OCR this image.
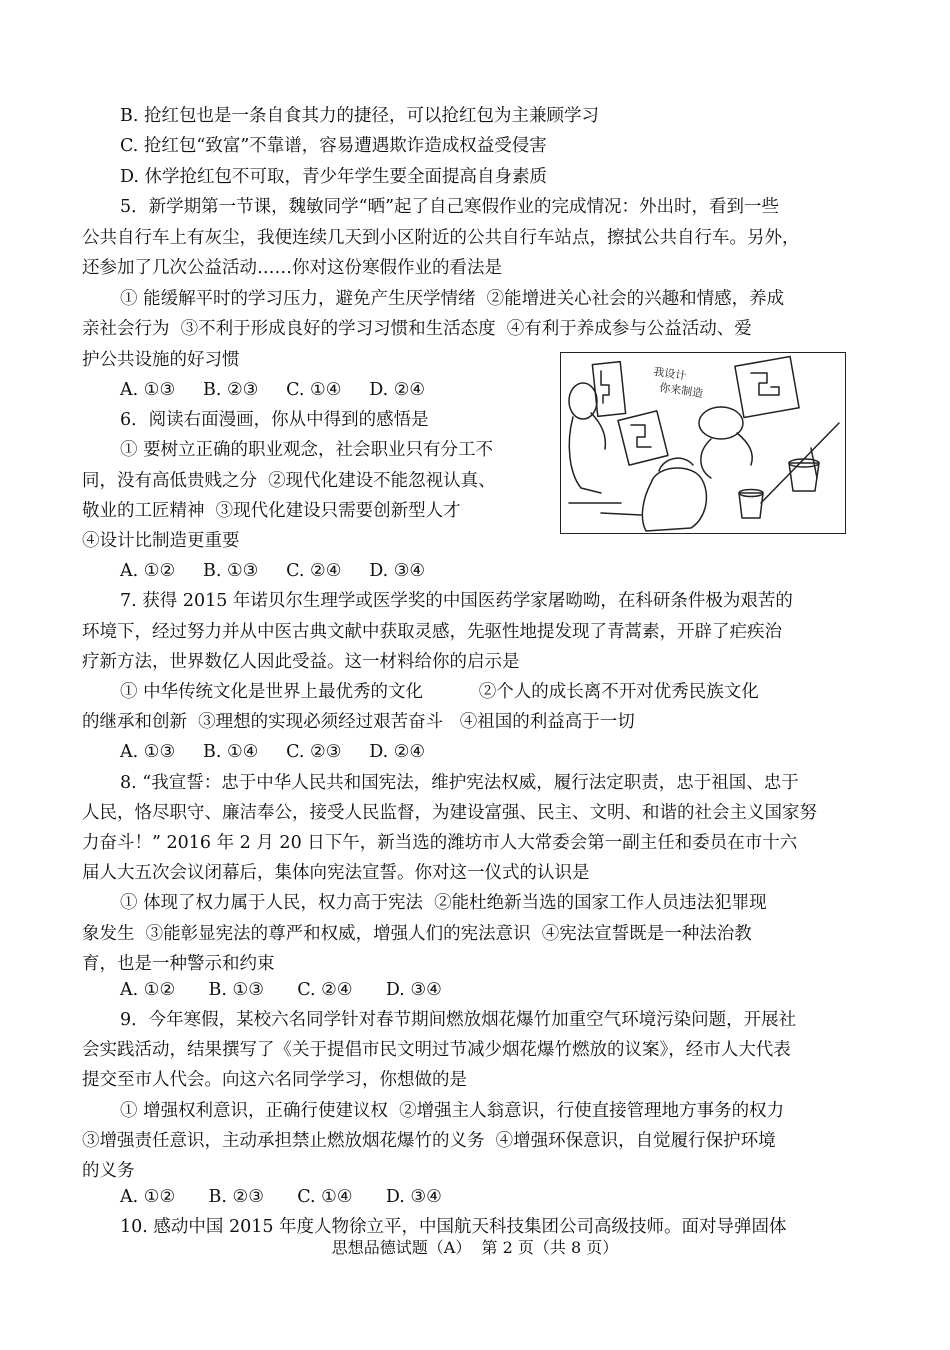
B. 抢红包也是一条自食其力的捷径，可以抢红包为主兼顾学习
C. 抢红包“致富”不靠谱，容易遭遇欺诈造成权益受侵害
D. 休学抢红包不可取，青少年学生要全面提高自身素质
5．新学期第一节课，魏敏同学“晒”起了自己寒假作业的完成情况：外出时，看到一些
公共自行车上有灰尘，我便连续几天到小区附近的公共自行车站点，擦拭公共自行车。另外，
还参加了几次公益活动……你对这份寒假作业的看法是
① 能缓解平时的学习压力，避免产生厌学情绪  ②能增进关心社会的兴趣和情感，养成
亲社会行为  ③不利于形成良好的学习习惯和生活态度  ④有利于养成参与公益活动、爱
护公共设施的好习惯
A. ①③     B. ②③     C. ①④     D. ②④
6．阅读右面漫画，你从中得到的感悟是
① 要树立正确的职业观念，社会职业只有分工不
同，没有高低贵贱之分  ②现代化建设不能忽视认真、
敬业的工匠精神  ③现代化建设只需要创新型人才
④设计比制造更重要
A. ①②     B. ①③     C. ②④     D. ③④
7. 获得 2015 年诺贝尔生理学或医学奖的中国医药学家屠呦呦，在科研条件极为艰苦的
环境下，经过努力并从中医古典文献中获取灵感，先驱性地提发现了青蒿素，开辟了疟疾治
疗新方法，世界数亿人因此受益。这一材料给你的启示是
① 中华传统文化是世界上最优秀的文化          ②个人的成长离不开对优秀民族文化
的继承和创新  ③理想的实现必须经过艰苦奋斗   ④祖国的利益高于一切
A. ①③     B. ①④     C. ②③     D. ②④
8. “我宣誓：忠于中华人民共和国宪法，维护宪法权威，履行法定职责，忠于祖国、忠于
人民，恪尽职守、廉洁奉公，接受人民监督，为建设富强、民主、文明、和谐的社会主义国家努
力奋斗！” 2016 年 2 月 20 日下午，新当选的潍坊市人大常委会第一副主任和委员在市十六
届人大五次会议闭幕后，集体向宪法宣誓。你对这一仪式的认识是
① 体现了权力属于人民，权力高于宪法  ②能杜绝新当选的国家工作人员违法犯罪现
象发生  ③能彰显宪法的尊严和权威，增强人们的宪法意识  ④宪法宣誓既是一种法治教
育，也是一种警示和约束
A. ①②      B. ①③      C. ②④      D. ③④
9．今年寒假，某校六名同学针对春节期间燃放烟花爆竹加重空气环境污染问题，开展社
会实践活动，结果撰写了《关于提倡市民文明过节减少烟花爆竹燃放的议案》，经市人大代表
提交至市人代会。向这六名同学学习，你想做的是
① 增强权利意识，正确行使建议权  ②增强主人翁意识，行使直接管理地方事务的权力
③增强责任意识，主动承担禁止燃放烟花爆竹的义务  ④增强环保意识，自觉履行保护环境
的义务
A. ①②      B. ②③      C. ①④      D. ③④
10. 感动中国 2015 年度人物徐立平，中国航天科技集团公司高级技师。面对导弹固体
我设计
你来制造
思想品德试题（A）  第 2 页（共 8 页）
